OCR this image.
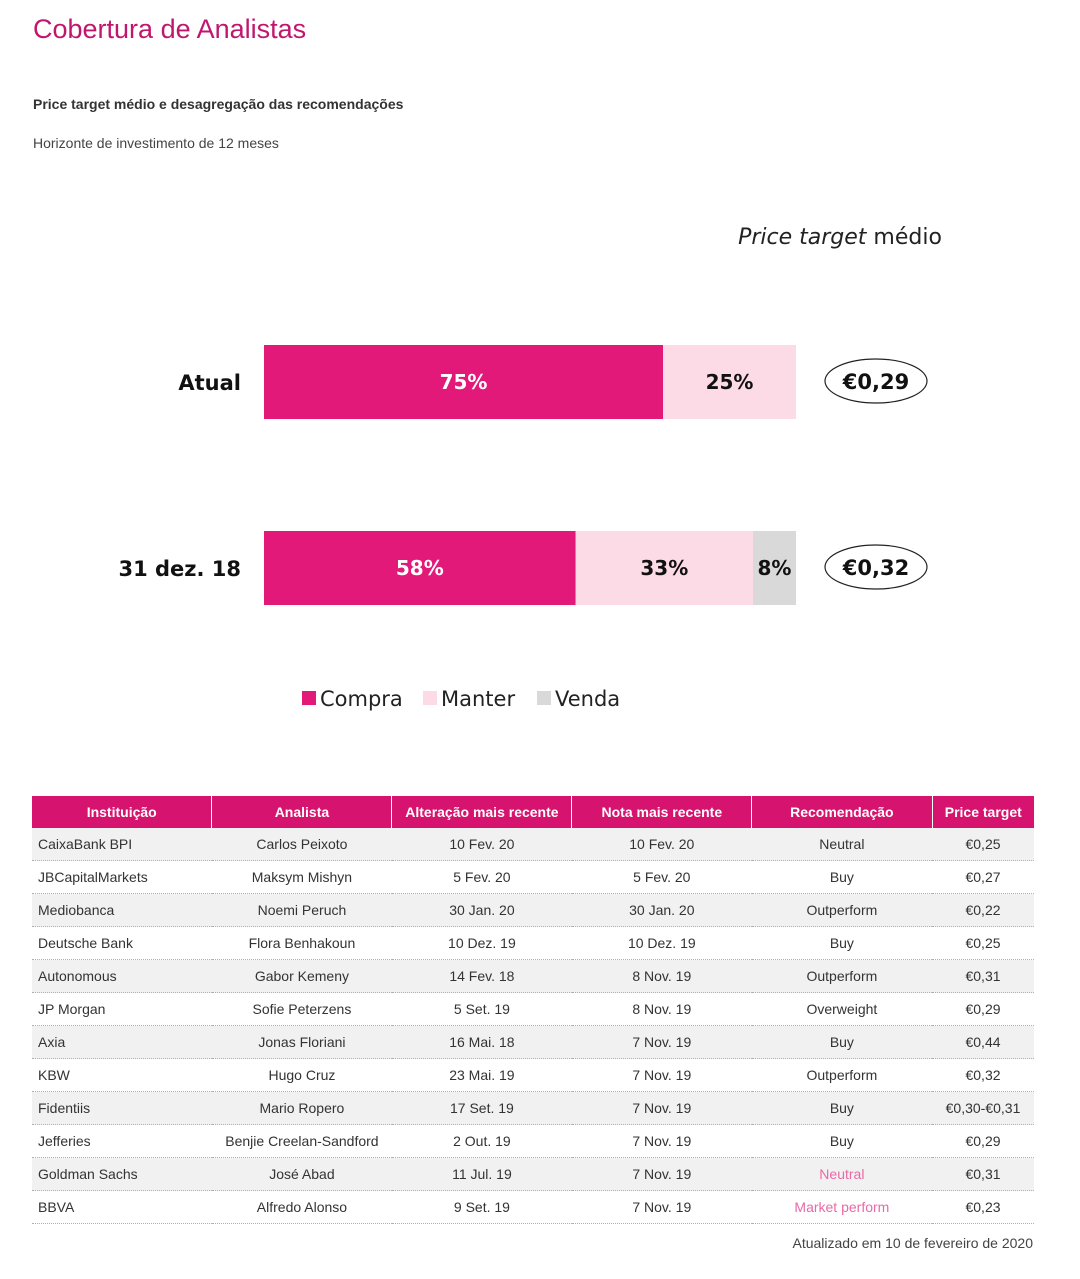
Cobertura de Analistas
Price target médio e desagregação das recomendações
Horizonte de investimento de 12 meses
Price target médio
Atual	75%	25%	€0,29
31 dez. 18	58%	33%	8% €0,32
Compra Manter Venda
Instituição	Analista	Alteração mais recente	Nota mais recente	Recomendação	Price target
CaixaBank BPI	Carlos Peixoto	10 Fev. 20	10 Fev. 20	Neutral	€0,25
JBCapitalMarkets	Maksym Mishyn	5 Fev. 20	5 Fev. 20	Buy	€0,27
Mediobanca	Noemi Peruch	30 Jan. 20	30 Jan. 20	Outperform	€0,22
Deutsche Bank	Flora Benhakoun	10 Dez. 19	10 Dez. 19	Buy	€0,25
Autonomous	Gabor Kemeny	14 Fev. 18	8 Nov. 19	Outperform	€0,31
JP Morgan	Sofie Peterzens	5 Set. 19	8 Nov. 19	Overweight	€0,29
Axia	Jonas Floriani	16 Mai. 18	7 Nov. 19	Buy	€0,44
KBW	Hugo Cruz	23 Mai. 19	7 Nov. 19	Outperform	€0,32
Fidentiis	Mario Ropero	17 Set. 19	7 Nov. 19	Buy	€0,30-€0,31
Jefferies	Benjie Creelan-Sandford	2 Out. 19	7 Nov. 19	Buy	€0,29
Goldman Sachs	José Abad	11 Jul. 19	7 Nov. 19	Neutral	€0,31
BBVA	Alfredo Alonso	9 Set. 19	7 Nov. 19	Market perform	€0,23
Atualizado em 10 de fevereiro de 2020
